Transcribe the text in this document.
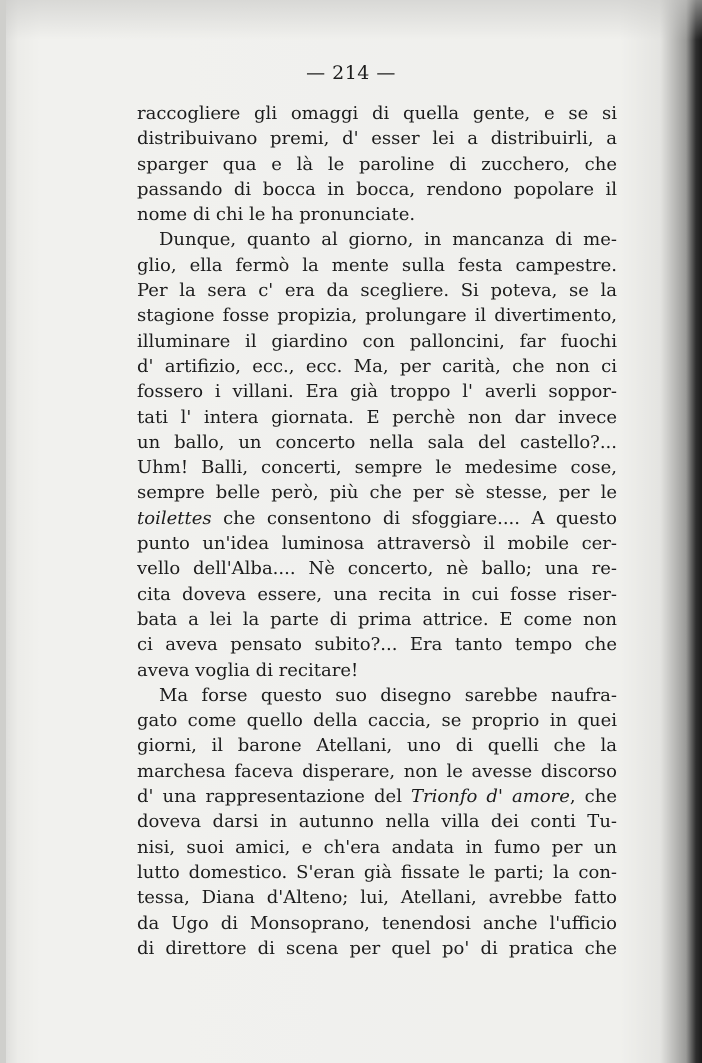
— 214 —
raccogliere gli omaggi di quella gente, e se si
distribuivano premi, d' esser lei a distribuirli, a
sparger qua e là le paroline di zucchero, che
passando di bocca in bocca, rendono popolare il
nome di chi le ha pronunciate.
Dunque, quanto al giorno, in mancanza di me-
glio, ella fermò la mente sulla festa campestre.
Per la sera c' era da scegliere. Si poteva, se la
stagione fosse propizia, prolungare il divertimento,
illuminare il giardino con palloncini, far fuochi
d' artifizio, ecc., ecc. Ma, per carità, che non ci
fossero i villani. Era già troppo l' averli soppor-
tati l' intera giornata. E perchè non dar invece
un ballo, un concerto nella sala del castello?...
Uhm! Balli, concerti, sempre le medesime cose,
sempre belle però, più che per sè stesse, per le
toilettes che consentono di sfoggiare.... A questo
punto un'idea luminosa attraversò il mobile cer-
vello dell'Alba.... Nè concerto, nè ballo; una re-
cita doveva essere, una recita in cui fosse riser-
bata a lei la parte di prima attrice. E come non
ci aveva pensato subito?... Era tanto tempo che
aveva voglia di recitare!
Ma forse questo suo disegno sarebbe naufra-
gato come quello della caccia, se proprio in quei
giorni, il barone Atellani, uno di quelli che la
marchesa faceva disperare, non le avesse discorso
d' una rappresentazione del Trionfo d' amore, che
doveva darsi in autunno nella villa dei conti Tu-
nisi, suoi amici, e ch'era andata in fumo per un
lutto domestico. S'eran già fissate le parti; la con-
tessa, Diana d'Alteno; lui, Atellani, avrebbe fatto
da Ugo di Monsoprano, tenendosi anche l'ufficio
di direttore di scena per quel po' di pratica che
